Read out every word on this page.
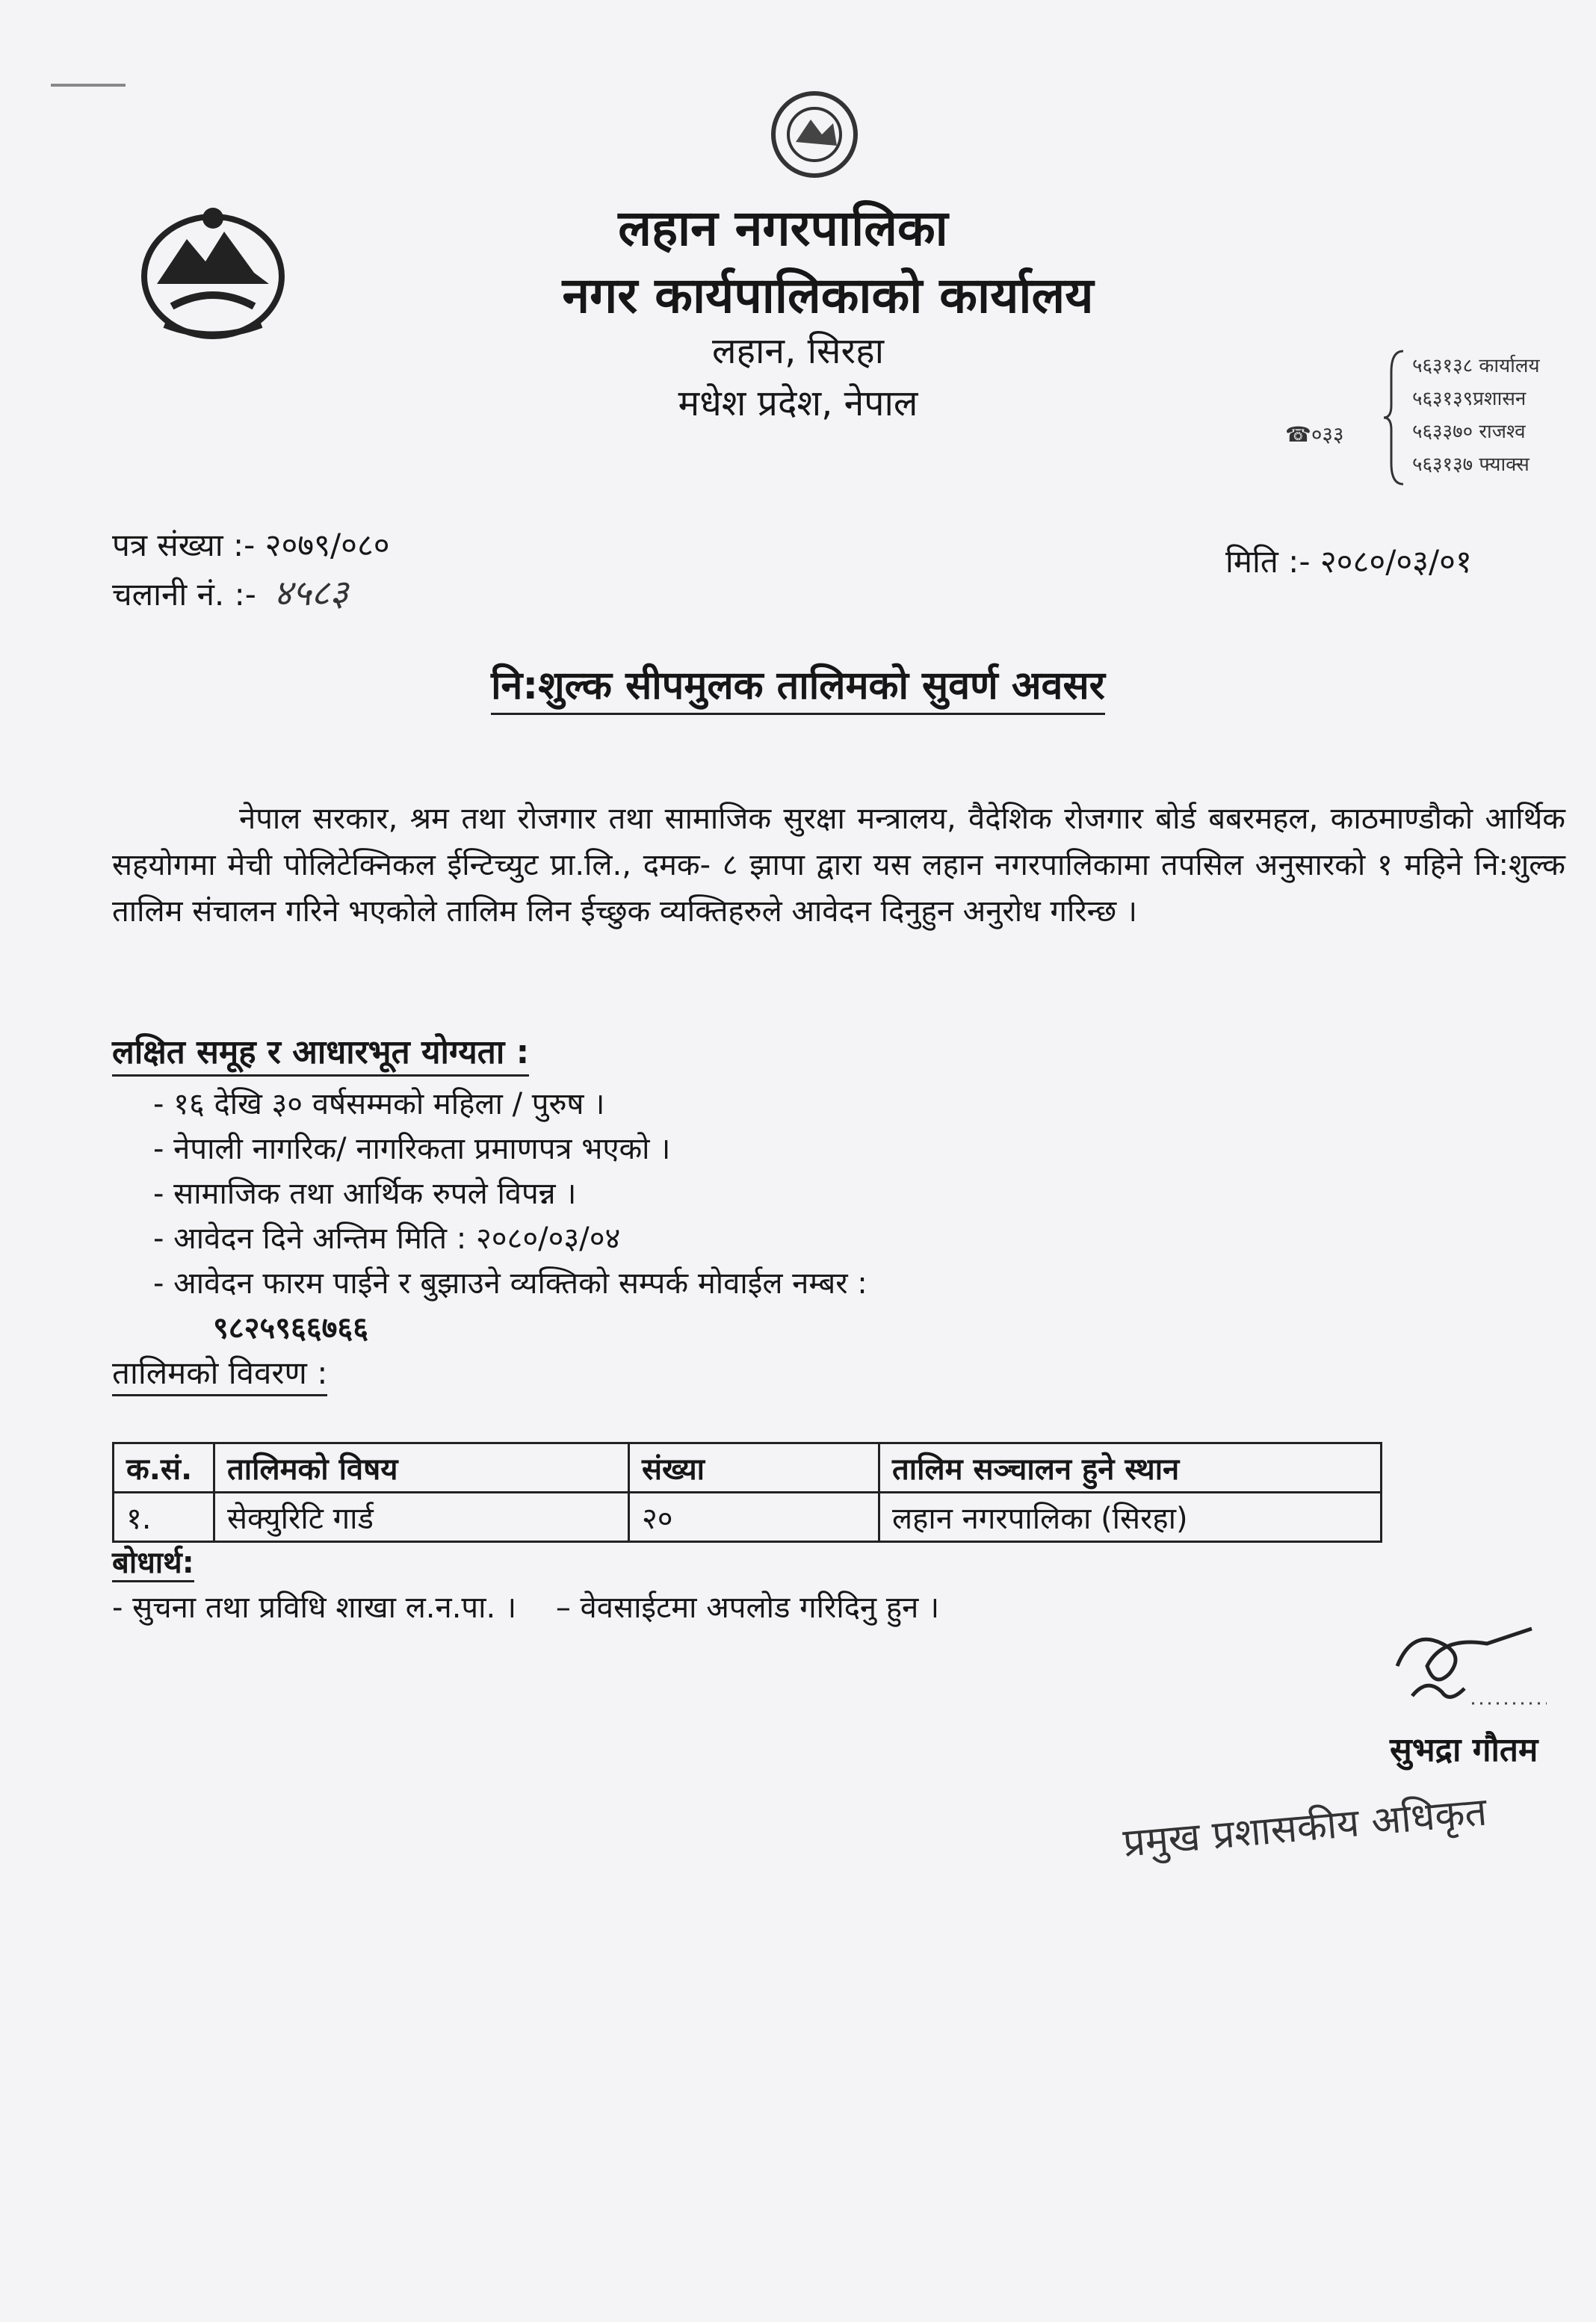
लहान नगरपालिका
नगर कार्यपालिकाको कार्यालय
लहान, सिरहा
मधेश प्रदेश, नेपाल
☎०३३
५६३१३८ कार्यालय
५६३१३९प्रशासन
५६३३७० राजश्व
५६३१३७ फ्याक्स
पत्र संख्या :- २०७९/०८०
चलानी नं. :- ४५८३
मिति :- २०८०/०३/०१
नि:शुल्क सीपमुलक तालिमको सुवर्ण अवसर
नेपाल सरकार, श्रम तथा रोजगार तथा सामाजिक सुरक्षा मन्त्रालय, वैदेशिक रोजगार बोर्ड बबरमहल, काठमाण्डौको आर्थिक सहयोगमा मेची पोलिटेक्निकल ईन्टिच्युट प्रा.लि., दमक- ८ झापा द्वारा यस लहान नगरपालिकामा तपसिल अनुसारको १ महिने नि:शुल्क तालिम संचालन गरिने भएकोले तालिम लिन ईच्छुक व्यक्तिहरुले आवेदन दिनुहुन अनुरोध गरिन्छ ।
लक्षित समूह र आधारभूत योग्यता :
- १६ देखि ३० वर्षसम्मको महिला / पुरुष ।
- नेपाली नागरिक/ नागरिकता प्रमाणपत्र भएको ।
- सामाजिक तथा आर्थिक रुपले विपन्न ।
- आवेदन दिने अन्तिम मिति : २०८०/०३/०४
- आवेदन फारम पाईने र बुझाउने व्यक्तिको सम्पर्क मोवाईल नम्बर :
९८२५९६६७६६
तालिमको विवरण :
क.सं.	तालिमको विषय	संख्या	तालिम सञ्चालन हुने स्थान
१.	सेक्युरिटि गार्ड	२०	लहान नगरपालिका (सिरहा)
बोधार्थ:
- सुचना तथा प्रविधि शाखा ल.न.पा. । – वेवसाईटमा अपलोड गरिदिनु हुन ।
सुभद्रा गौतम
प्रमुख प्रशासकीय अधिकृत
